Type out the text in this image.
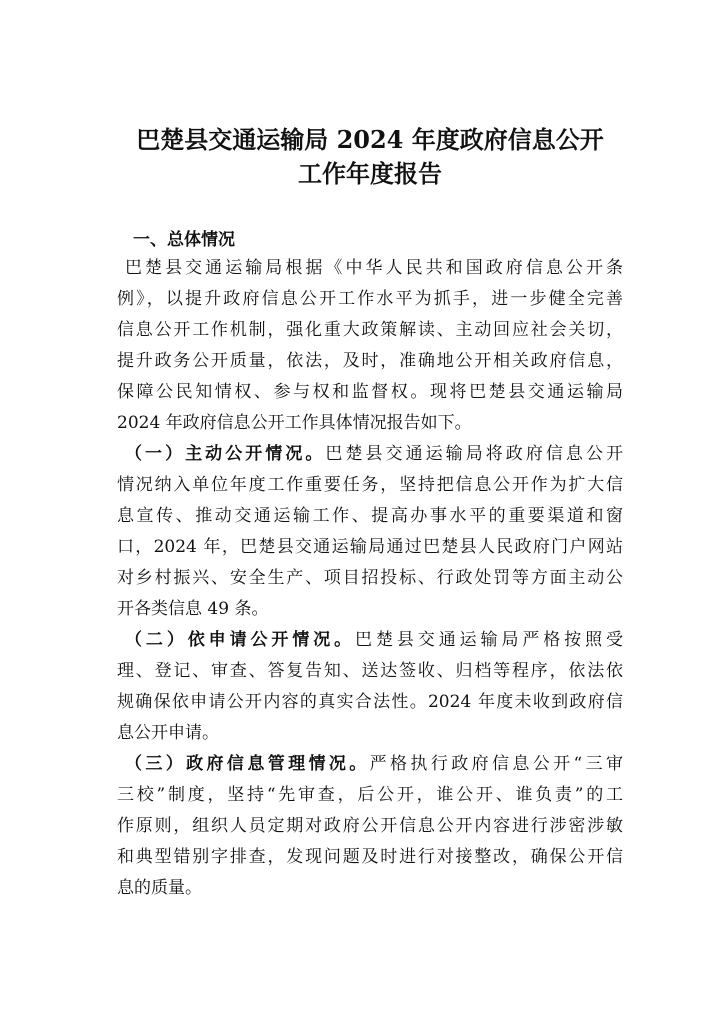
巴楚县交通运输局 2024 年度政府信息公开
工作年度报告
一、总体情况
巴楚县交通运输局根据《中华人民共和国政府信息公开条
例》，以提升政府信息公开工作水平为抓手，进一步健全完善
信息公开工作机制，强化重大政策解读、主动回应社会关切，
提升政务公开质量，依法，及时，准确地公开相关政府信息，
保障公民知情权、参与权和监督权。现将巴楚县交通运输局
2024 年政府信息公开工作具体情况报告如下。
（一）主动公开情况。巴楚县交通运输局将政府信息公开
情况纳入单位年度工作重要任务，坚持把信息公开作为扩大信
息宣传、推动交通运输工作、提高办事水平的重要渠道和窗
口，2024 年，巴楚县交通运输局通过巴楚县人民政府门户网站
对乡村振兴、安全生产、项目招投标、行政处罚等方面主动公
开各类信息 49 条。
（二）依申请公开情况。巴楚县交通运输局严格按照受
理、登记、审查、答复告知、送达签收、归档等程序，依法依
规确保依申请公开内容的真实合法性。2024 年度未收到政府信
息公开申请。
（三）政府信息管理情况。严格执行政府信息公开“三审
三校”制度，坚持“先审查，后公开，谁公开、谁负责”的工
作原则，组织人员定期对政府公开信息公开内容进行涉密涉敏
和典型错别字排查，发现问题及时进行对接整改，确保公开信
息的质量。
